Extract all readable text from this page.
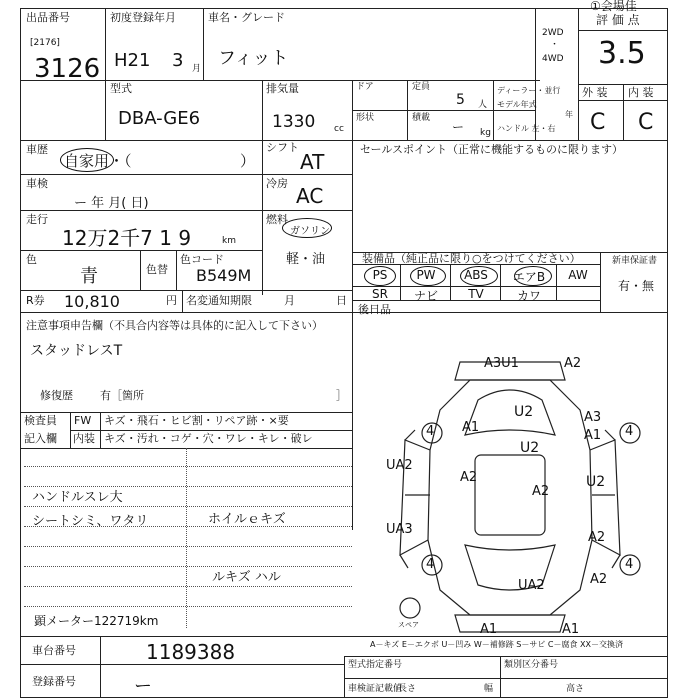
①会場佳
出品番号
[2176]
3126
初度登録年月
H21 3 月
車名・グレード
フィット
2WD
・
4WD
評 価 点
3.5
型式
DBA-GE6
排気量
1330 cc
ドア	定員
5 人
形状	積載
ー kg
ディーラー・並行
モデル年式
年
ハンドル 左・右
外 装 内 装
C C
車歴
自家用・（	）
シフト
AT
車検
ー 年 月( 日)
冷房
AC
走行
12万2千7 1 9	km
燃料
ガソリン
軽・油
色
青	色替
色コード
B549M
R券 10,810	円 名変通知期限	月	日
セールスポイント（正常に機能するものに限ります）
装備品（純正品に限り○をつけてください）	新車保証書
PS	PW	ABS	エアB	AW
SR	ナビ	TV	カワ
有・無
後日品
注意事項申告欄（不具合内容等は具体的に記入して下さい）
スタッドレスT
修復歴 有［箇所	］
検査員
記入欄
FW
内装
キズ・飛石・ヒビ割・リペア跡・×要
キズ・汚れ・コゲ・穴・ワレ・キレ・破レ
ハンドルスレ大
シートシミ、ワタリ	ホイルｅキズ
ルキズ ハル
顕メーター122719km
車台番号	1189388
登録番号	ー
A－キズ E－エクボ U－凹み W－補修跡 S－サビ C－腐食 XX－交換済
型式指定番号	類別区分番号
車検証記載値
長さ	幅	高さ
A3U1	A2
U2
A1
A3
A1
U2
UA2
A2
U2
A2
A2
UA3
UA2	A2
A1	A1
4	4
4	4
スペア
